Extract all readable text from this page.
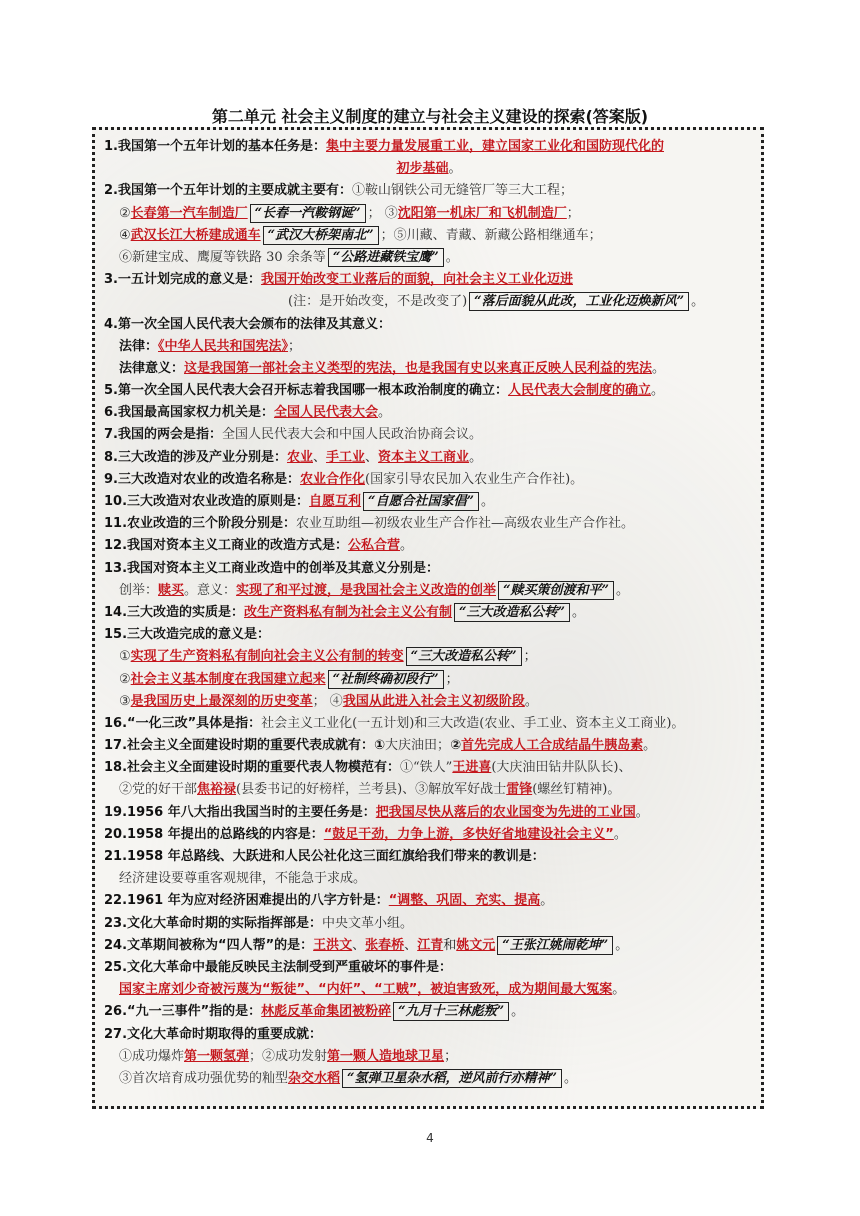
第二单元 社会主义制度的建立与社会主义建设的探索(答案版)
1.我国第一个五年计划的基本任务是：集中主要力量发展重工业，建立国家工业化和国防现代化的
初步基础。
2.我国第一个五年计划的主要成就主要有：①鞍山钢铁公司无缝管厂等三大工程；
②长春第一汽车制造厂 “长春一汽鞍钢诞” ； ③沈阳第一机床厂和飞机制造厂；
④武汉长江大桥建成通车 “武汉大桥架南北” ；⑤川藏、青藏、新藏公路相继通车；
⑥新建宝成、鹰厦等铁路 30 余条等 “公路进藏铁宝鹰” 。
3.一五计划完成的意义是：我国开始改变工业落后的面貌，向社会主义工业化迈进
(注：是开始改变，不是改变了) “落后面貌从此改，工业化迈焕新风” 。
4.第一次全国人民代表大会颁布的法律及其意义：
法律：《中华人民共和国宪法》；
法律意义：这是我国第一部社会主义类型的宪法，也是我国有史以来真正反映人民利益的宪法。
5.第一次全国人民代表大会召开标志着我国哪一根本政治制度的确立：人民代表大会制度的确立。
6.我国最高国家权力机关是：全国人民代表大会。
7.我国的两会是指：全国人民代表大会和中国人民政治协商会议。
8.三大改造的涉及产业分别是：农业、手工业、资本主义工商业。
9.三大改造对农业的改造名称是：农业合作化(国家引导农民加入农业生产合作社)。
10.三大改造对农业改造的原则是：自愿互利 “自愿合社国家倡” 。
11.农业改造的三个阶段分别是：农业互助组—初级农业生产合作社—高级农业生产合作社。
12.我国对资本主义工商业的改造方式是：公私合营。
13.我国对资本主义工商业改造中的创举及其意义分别是：
创举：赎买。意义：实现了和平过渡，是我国社会主义改造的创举 “赎买策创渡和平” 。
14.三大改造的实质是：改生产资料私有制为社会主义公有制 “三大改造私公转” 。
15.三大改造完成的意义是：
①实现了生产资料私有制向社会主义公有制的转变 “三大改造私公转” ；
②社会主义基本制度在我国建立起来 “社制终确初段行” ；
③是我国历史上最深刻的历史变革； ④我国从此进入社会主义初级阶段。
16.“一化三改”具体是指：社会主义工业化(一五计划)和三大改造(农业、手工业、资本主义工商业)。
17.社会主义全面建设时期的重要代表成就有：①大庆油田；②首先完成人工合成结晶牛胰岛素。
18.社会主义全面建设时期的重要代表人物模范有：①“铁人”王进喜(大庆油田钻井队队长)、
②党的好干部焦裕禄(县委书记的好榜样，兰考县)、③解放军好战士雷锋(螺丝钉精神)。
19.1956 年八大指出我国当时的主要任务是：把我国尽快从落后的农业国变为先进的工业国。
20.1958 年提出的总路线的内容是：“鼓足干劲，力争上游，多快好省地建设社会主义”。
21.1958 年总路线、大跃进和人民公社化这三面红旗给我们带来的教训是：
经济建设要尊重客观规律，不能急于求成。
22.1961 年为应对经济困难提出的八字方针是：“调整、巩固、充实、提高。
23.文化大革命时期的实际指挥部是：中央文革小组。
24.文革期间被称为“四人帮”的是：王洪文、张春桥、江青和姚文元 “王张江姚闹乾坤” 。
25.文化大革命中最能反映民主法制受到严重破坏的事件是：
国家主席刘少奇被污蔑为“叛徒”、“内奸”、“工贼”，被迫害致死，成为期间最大冤案。
26.“九一三事件”指的是：林彪反革命集团被粉碎 “九月十三林彪叛” 。
27.文化大革命时期取得的重要成就：
①成功爆炸第一颗氢弹；②成功发射第一颗人造地球卫星；
③首次培育成功强优势的籼型杂交水稻 “氢弹卫星杂水稻，逆风前行亦精神” 。
4
